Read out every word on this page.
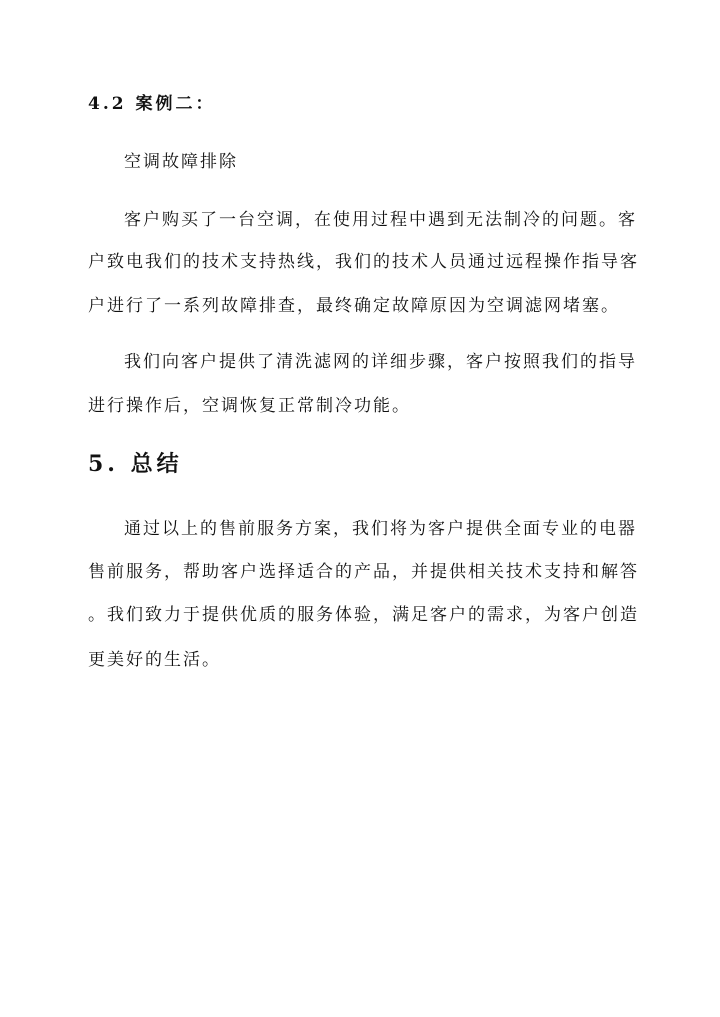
4.2 案例二：
空调故障排除
客户购买了一台空调，在使用过程中遇到无法制冷的问题。客
户致电我们的技术支持热线，我们的技术人员通过远程操作指导客
户进行了一系列故障排查，最终确定故障原因为空调滤网堵塞。
我们向客户提供了清洗滤网的详细步骤，客户按照我们的指导
进行操作后，空调恢复正常制冷功能。
5. 总结
通过以上的售前服务方案，我们将为客户提供全面专业的电器
售前服务，帮助客户选择适合的产品，并提供相关技术支持和解答
。我们致力于提供优质的服务体验，满足客户的需求，为客户创造
更美好的生活。
